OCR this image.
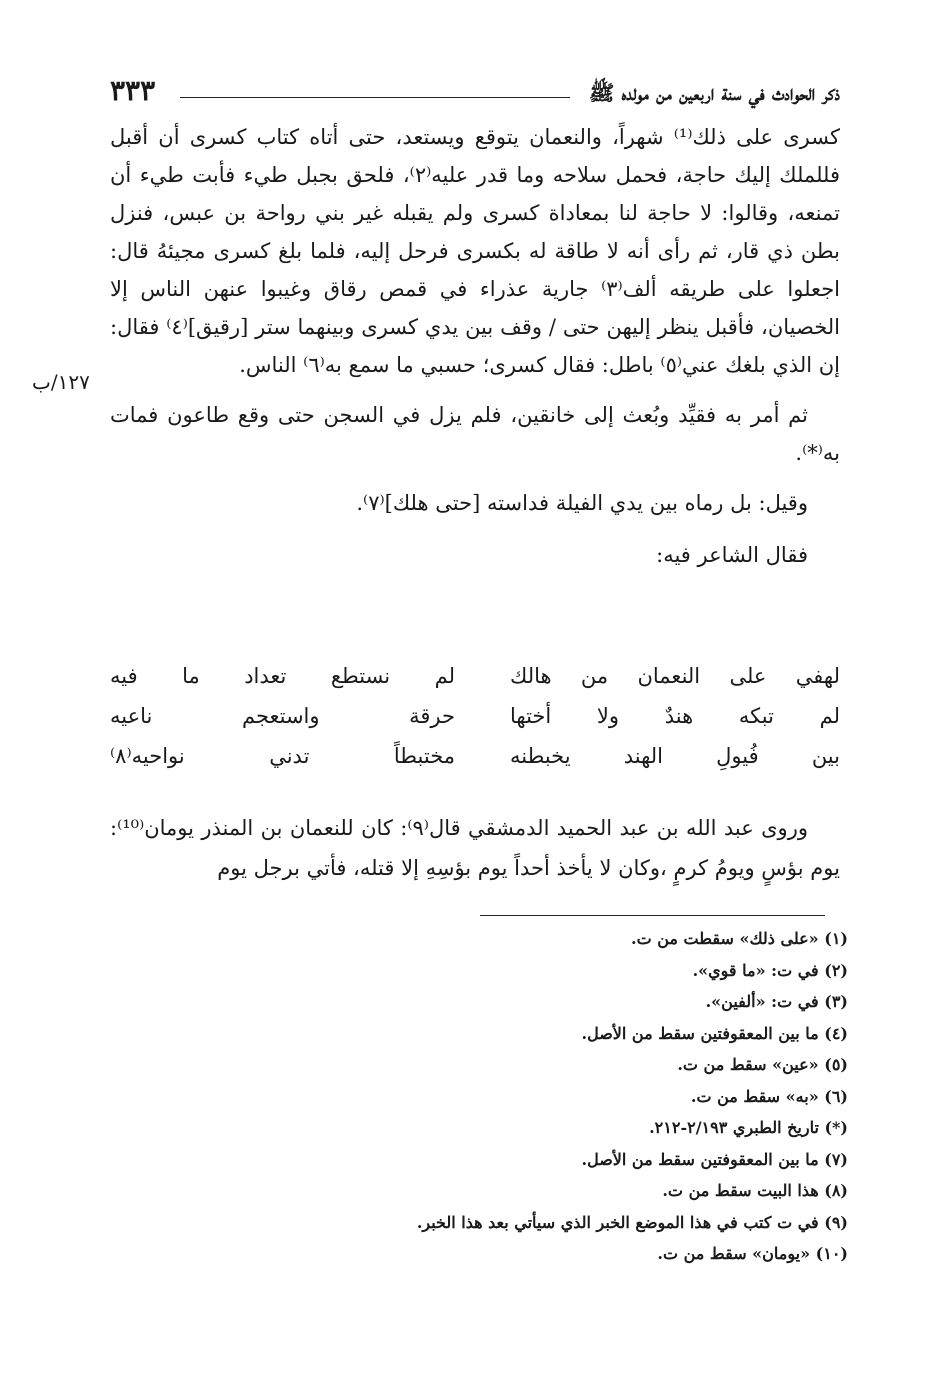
ذكر الحوادث في سنة اربعين من مولده ﷺ
٣٣٣
١٢٧/ب

كسرى على ذلك⁽¹⁾ شهراً، والنعمان يتوقع ويستعد، حتى أتاه كتاب كسرى أن أقبل فللملك إليك حاجة، فحمل سلاحه وما قدر عليه⁽٢⁾، فلحق بجبل طيء فأبت طيء أن تمنعه، وقالوا: لا حاجة لنا بمعاداة كسرى ولم يقبله غير بني رواحة بن عبس، فنزل بطن ذي قار، ثم رأى أنه لا طاقة له بكسرى فرحل إليه، فلما بلغ كسرى مجيئهُ قال: اجعلوا على طريقه ألف⁽٣⁾ جارية عذراء في قمص رقاق وغيبوا عنهن الناس إلا الخصيان، فأقبل ينظر إليهن حتى / وقف بين يدي كسرى وبينهما ستر [رقيق]⁽٤⁾ فقال: إن الذي بلغك عني⁽٥⁾ باطل: فقال كسرى؛ حسبي ما سمع به⁽٦⁾ الناس.

ثم أمر به فقيِّد وبُعث إلى خانقين، فلم يزل في السجن حتى وقع طاعون فمات به⁽*⁾.

وقيل: بل رماه بين يدي الفيلة فداسته [حتى هلك]⁽٧⁾.

فقال الشاعر فيه:

لهفي على النعمان من هالك
لم نستطع تعداد ما فيه
لم تبكه هندٌ ولا أختها
حرقة واستعجم ناعيه
بين فُيولِ الهند يخبطنه
مختبطاً تدني نواحيه⁽٨⁾

وروى عبد الله بن عبد الحميد الدمشقي قال⁽٩⁾: كان للنعمان بن المنذر يومان⁽¹⁰⁾: يوم بؤسٍ ويومُ كرمٍ ،وكان لا يأخذ أحداً يوم بؤسِهِ إلا قتله، فأتي برجل يوم

(١) «على ذلك» سقطت من ت.
(٢) في ت: «ما قوي».
(٣) في ت: «ألفين».
(٤) ما بين المعقوفتين سقط من الأصل.
(٥) «عين» سقط من ت.
(٦) «به» سقط من ت.
(*) تاريخ الطبري ٢/١٩٣-٢١٢.
(٧) ما بين المعقوفتين سقط من الأصل.
(٨) هذا البيت سقط من ت.
(٩) في ت كتب في هذا الموضع الخبر الذي سيأتي بعد هذا الخبر.
(١٠) «يومان» سقط من ت.
